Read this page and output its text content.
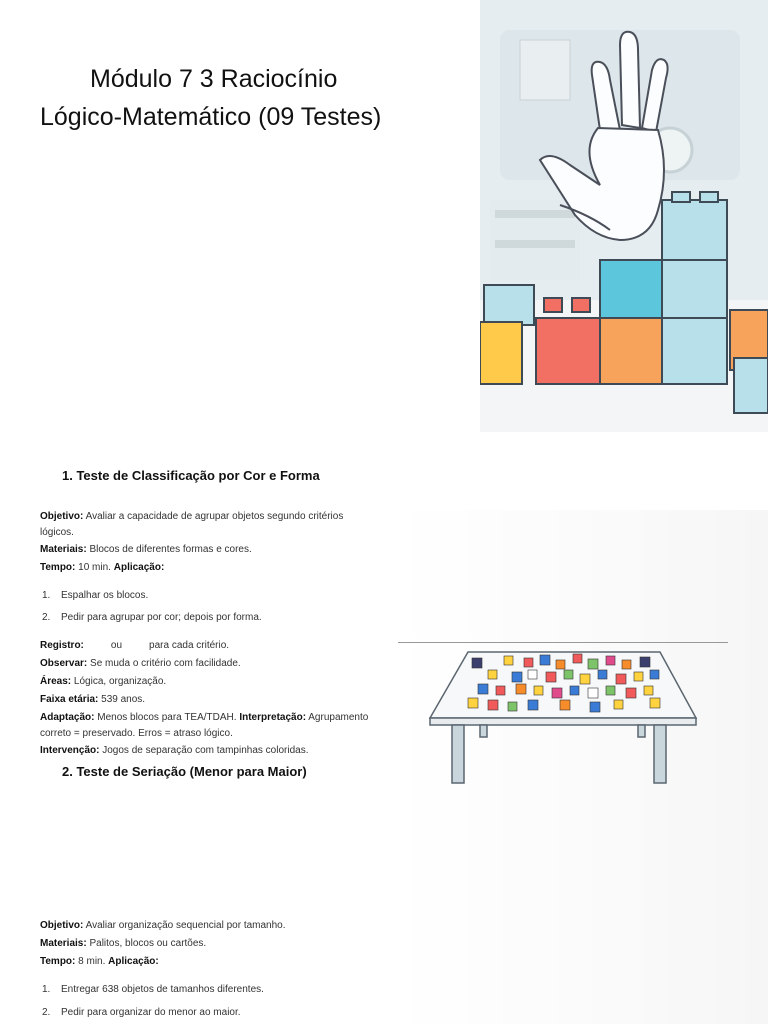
Módulo 7 3 Raciocínio Lógico-Matemático (09 Testes)
1. Teste de Classificação por Cor e Forma
Objetivo: Avaliar a capacidade de agrupar objetos segundo critérios lógicos.
Materiais: Blocos de diferentes formas e cores.
Tempo: 10 min. Aplicação:
1. Espalhar os blocos.
2. Pedir para agrupar por cor; depois por forma.
Registro:	ou	para cada critério.
Observar: Se muda o critério com facilidade.
Áreas: Lógica, organização.
Faixa etária: 539 anos.
Adaptação: Menos blocos para TEA/TDAH. Interpretação: Agrupamento correto = preservado. Erros = atraso lógico.
Intervenção: Jogos de separação com tampinhas coloridas.
2. Teste de Seriação (Menor para Maior)
Objetivo: Avaliar organização sequencial por tamanho.
Materiais: Palitos, blocos ou cartões.
Tempo: 8 min. Aplicação:
1. Entregar 638 objetos de tamanhos diferentes.
2. Pedir para organizar do menor ao maior.
